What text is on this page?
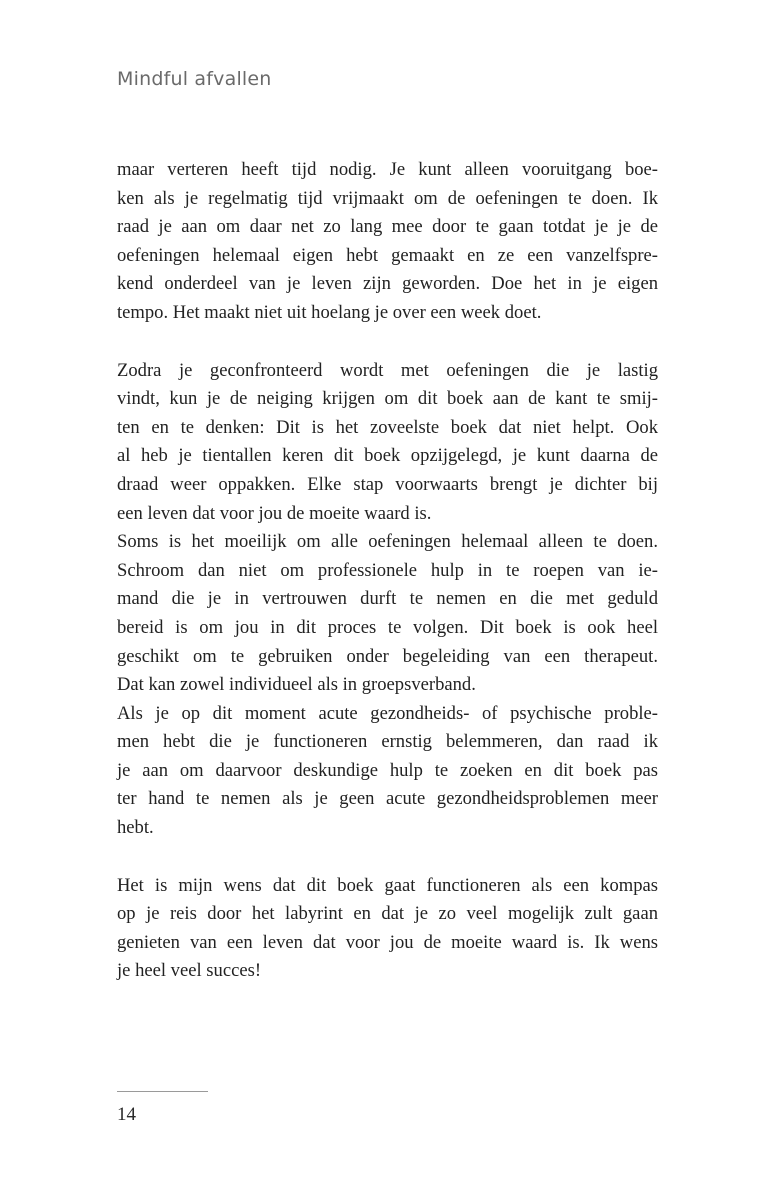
Mindful afvallen
maar verteren heeft tijd nodig. Je kunt alleen vooruitgang boe-
ken als je regelmatig tijd vrijmaakt om de oefeningen te doen. Ik
raad je aan om daar net zo lang mee door te gaan totdat je je de
oefeningen helemaal eigen hebt gemaakt en ze een vanzelfspre-
kend onderdeel van je leven zijn geworden. Doe het in je eigen
tempo. Het maakt niet uit hoelang je over een week doet.
Zodra je geconfronteerd wordt met oefeningen die je lastig
vindt, kun je de neiging krijgen om dit boek aan de kant te smij-
ten en te denken: Dit is het zoveelste boek dat niet helpt. Ook
al heb je tientallen keren dit boek opzijgelegd, je kunt daarna de
draad weer oppakken. Elke stap voorwaarts brengt je dichter bij
een leven dat voor jou de moeite waard is.
Soms is het moeilijk om alle oefeningen helemaal alleen te doen.
Schroom dan niet om professionele hulp in te roepen van ie-
mand die je in vertrouwen durft te nemen en die met geduld
bereid is om jou in dit proces te volgen. Dit boek is ook heel
geschikt om te gebruiken onder begeleiding van een therapeut.
Dat kan zowel individueel als in groepsverband.
Als je op dit moment acute gezondheids- of psychische proble-
men hebt die je functioneren ernstig belemmeren, dan raad ik
je aan om daarvoor deskundige hulp te zoeken en dit boek pas
ter hand te nemen als je geen acute gezondheidsproblemen meer
hebt.
Het is mijn wens dat dit boek gaat functioneren als een kompas
op je reis door het labyrint en dat je zo veel mogelijk zult gaan
genieten van een leven dat voor jou de moeite waard is. Ik wens
je heel veel succes!
14
